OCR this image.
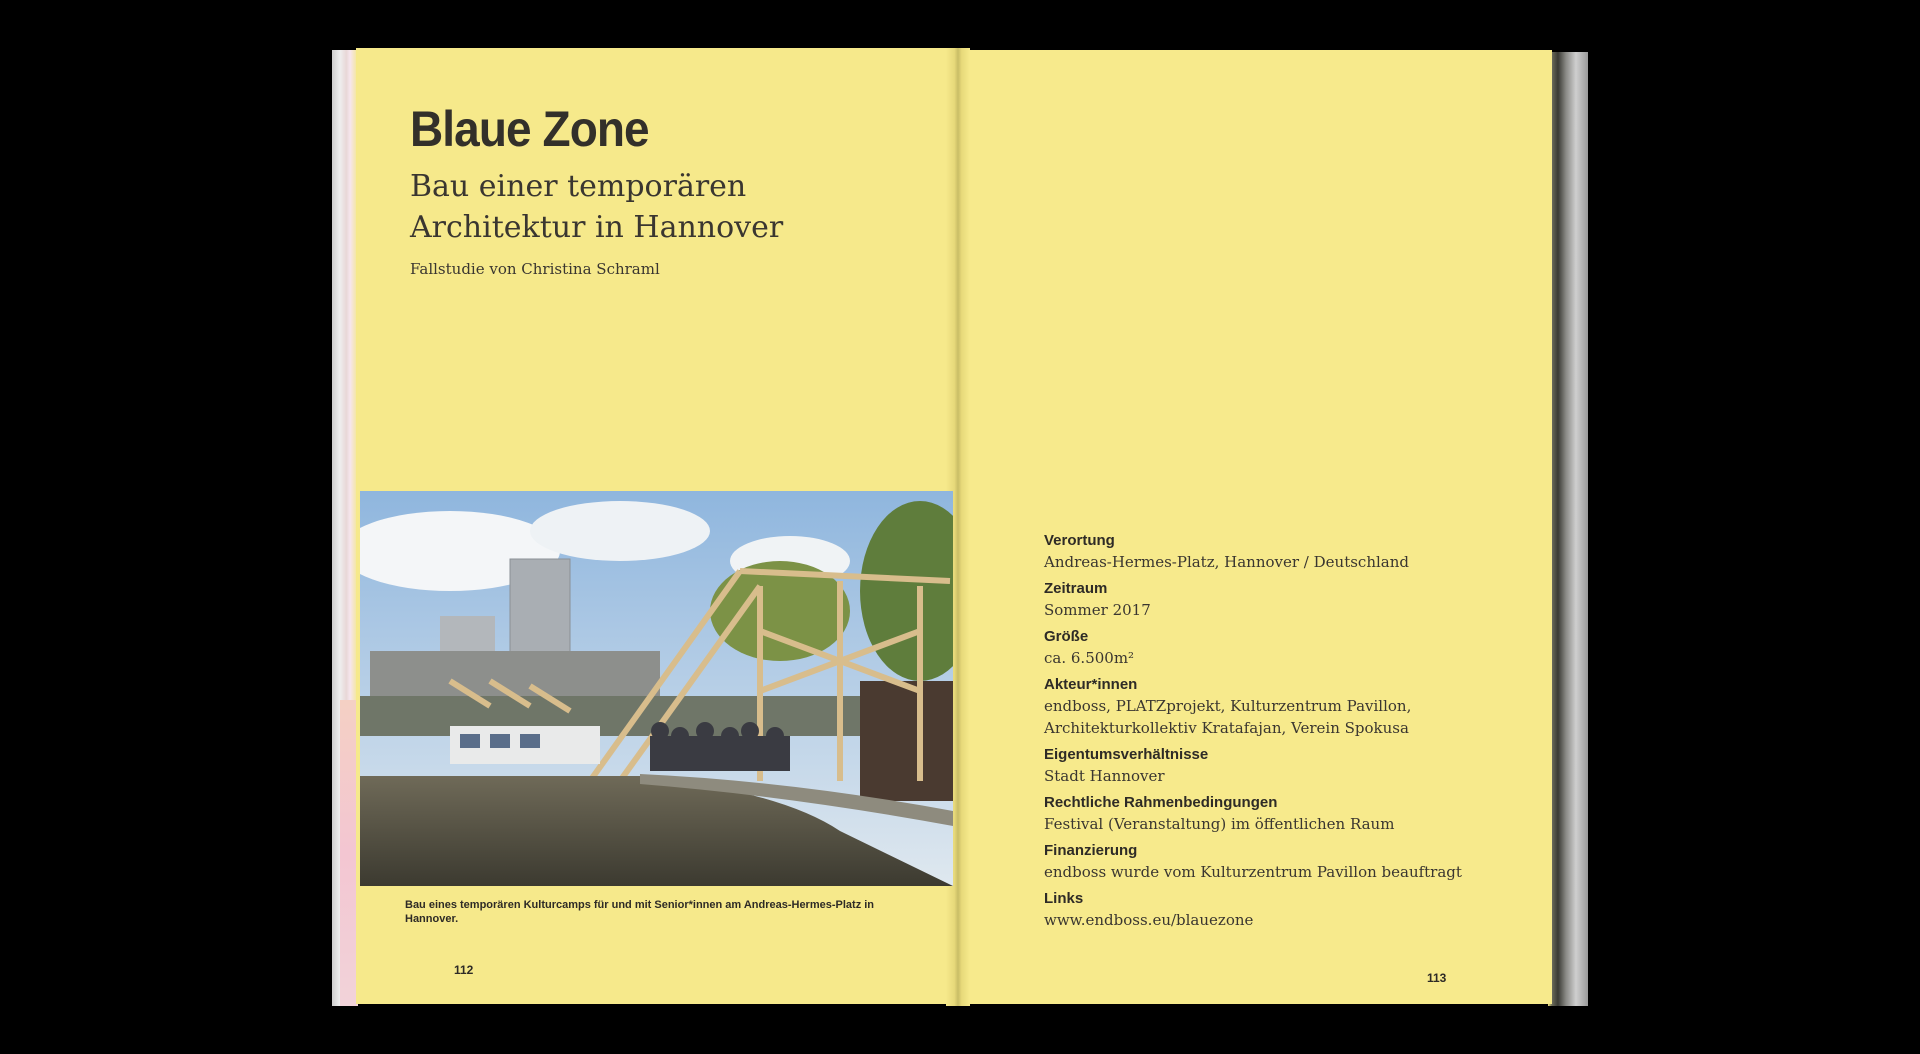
Blaue Zone
Bau einer temporären Architektur in Hannover
Fallstudie von Christina Schraml
Bau eines temporären Kulturcamps für und mit Senior*innen am Andreas-Hermes-Platz in Hannover.
112
Verortung
Andreas-Hermes-Platz, Hannover / Deutschland
Zeitraum
Sommer 2017
Größe
ca. 6.500m²
Akteur*innen
endboss, PLATZprojekt, Kulturzentrum Pavillon, Architekturkollektiv Kratafajan, Verein Spokusa
Eigentumsverhältnisse
Stadt Hannover
Rechtliche Rahmenbedingungen
Festival (Veranstaltung) im öffentlichen Raum
Finanzierung
endboss wurde vom Kulturzentrum Pavillon beauftragt
Links
www.endboss.eu/blauezone
113
